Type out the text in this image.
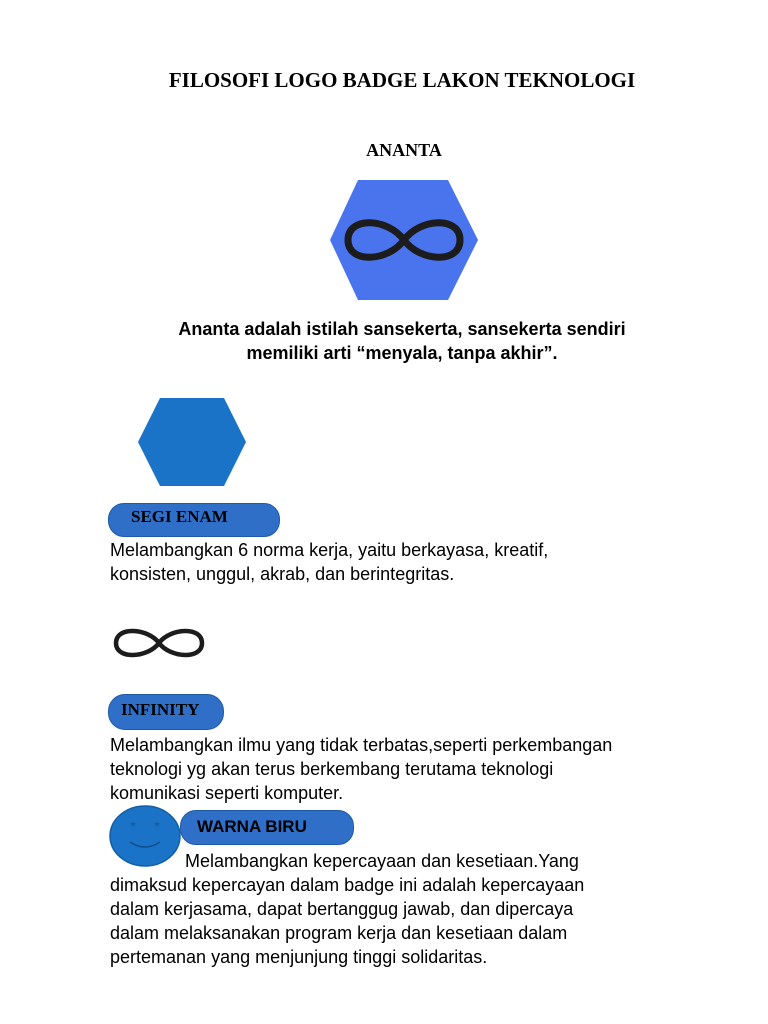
FILOSOFI LOGO BADGE LAKON TEKNOLOGI
ANANTA
Ananta adalah istilah sansekerta, sansekerta sendiri
memiliki arti “menyala, tanpa akhir”.
SEGI ENAM
Melambangkan 6 norma kerja, yaitu berkayasa, kreatif,
konsisten, unggul, akrab, dan berintegritas.
INFINITY
Melambangkan ilmu yang tidak terbatas,seperti perkembangan
teknologi yg akan terus berkembang terutama teknologi
komunikasi seperti komputer.
* * WARNA BIRU
Melambangkan kepercayaan dan kesetiaan.Yang
dimaksud kepercayan dalam badge ini adalah kepercayaan
dalam kerjasama, dapat bertanggug jawab, dan dipercaya
dalam melaksanakan program kerja dan kesetiaan dalam
pertemanan yang menjunjung tinggi solidaritas.
